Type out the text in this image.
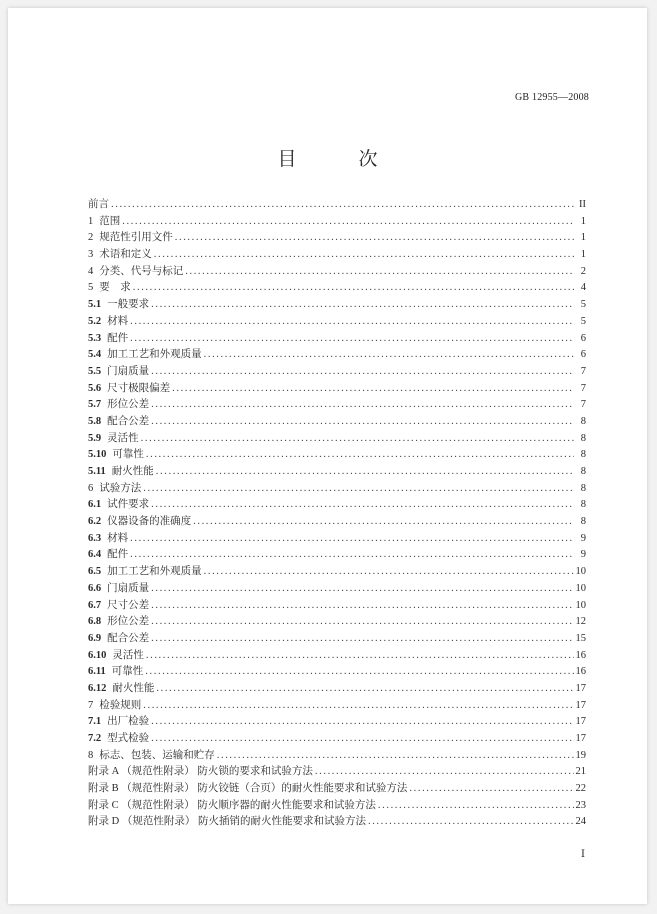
GB 12955—2008
目 次
前言 .....	II
1 范围 .....	1
2 规范性引用文件 .....	1
3 术语和定义 .....	1
4 分类、代号与标记 .....	2
5 要　求 .....	4
5.1 一般要求 .....	5
5.2 材料 .....	5
5.3 配件 .....	6
5.4 加工工艺和外观质量 .....	6
5.5 门扇质量 .....	7
5.6 尺寸极限偏差 .....	7
5.7 形位公差 .....	7
5.8 配合公差 .....	8
5.9 灵活性 .....	8
5.10 可靠性 .....	8
5.11 耐火性能 .....	8
6 试验方法 .....	8
6.1 试件要求 .....	8
6.2 仪器设备的准确度 .....	8
6.3 材料 .....	9
6.4 配件 .....	9
6.5 加工工艺和外观质量 .....	10
6.6 门扇质量 .....	10
6.7 尺寸公差 .....	10
6.8 形位公差 .....	12
6.9 配合公差 .....	15
6.10 灵活性 .....	16
6.11 可靠性 .....	16
6.12 耐火性能 .....	17
7 检验规则 .....	17
7.1 出厂检验 .....	17
7.2 型式检验 .....	17
8 标志、包装、运输和贮存 .....	19
附录 A （规范性附录） 防火锁的要求和试验方法 .....	21
附录 B （规范性附录） 防火铰链（合页）的耐火性能要求和试验方法 .....	22
附录 C （规范性附录） 防火顺序器的耐火性能要求和试验方法 .....	23
附录 D （规范性附录） 防火插销的耐火性能要求和试验方法 .....	24
I
